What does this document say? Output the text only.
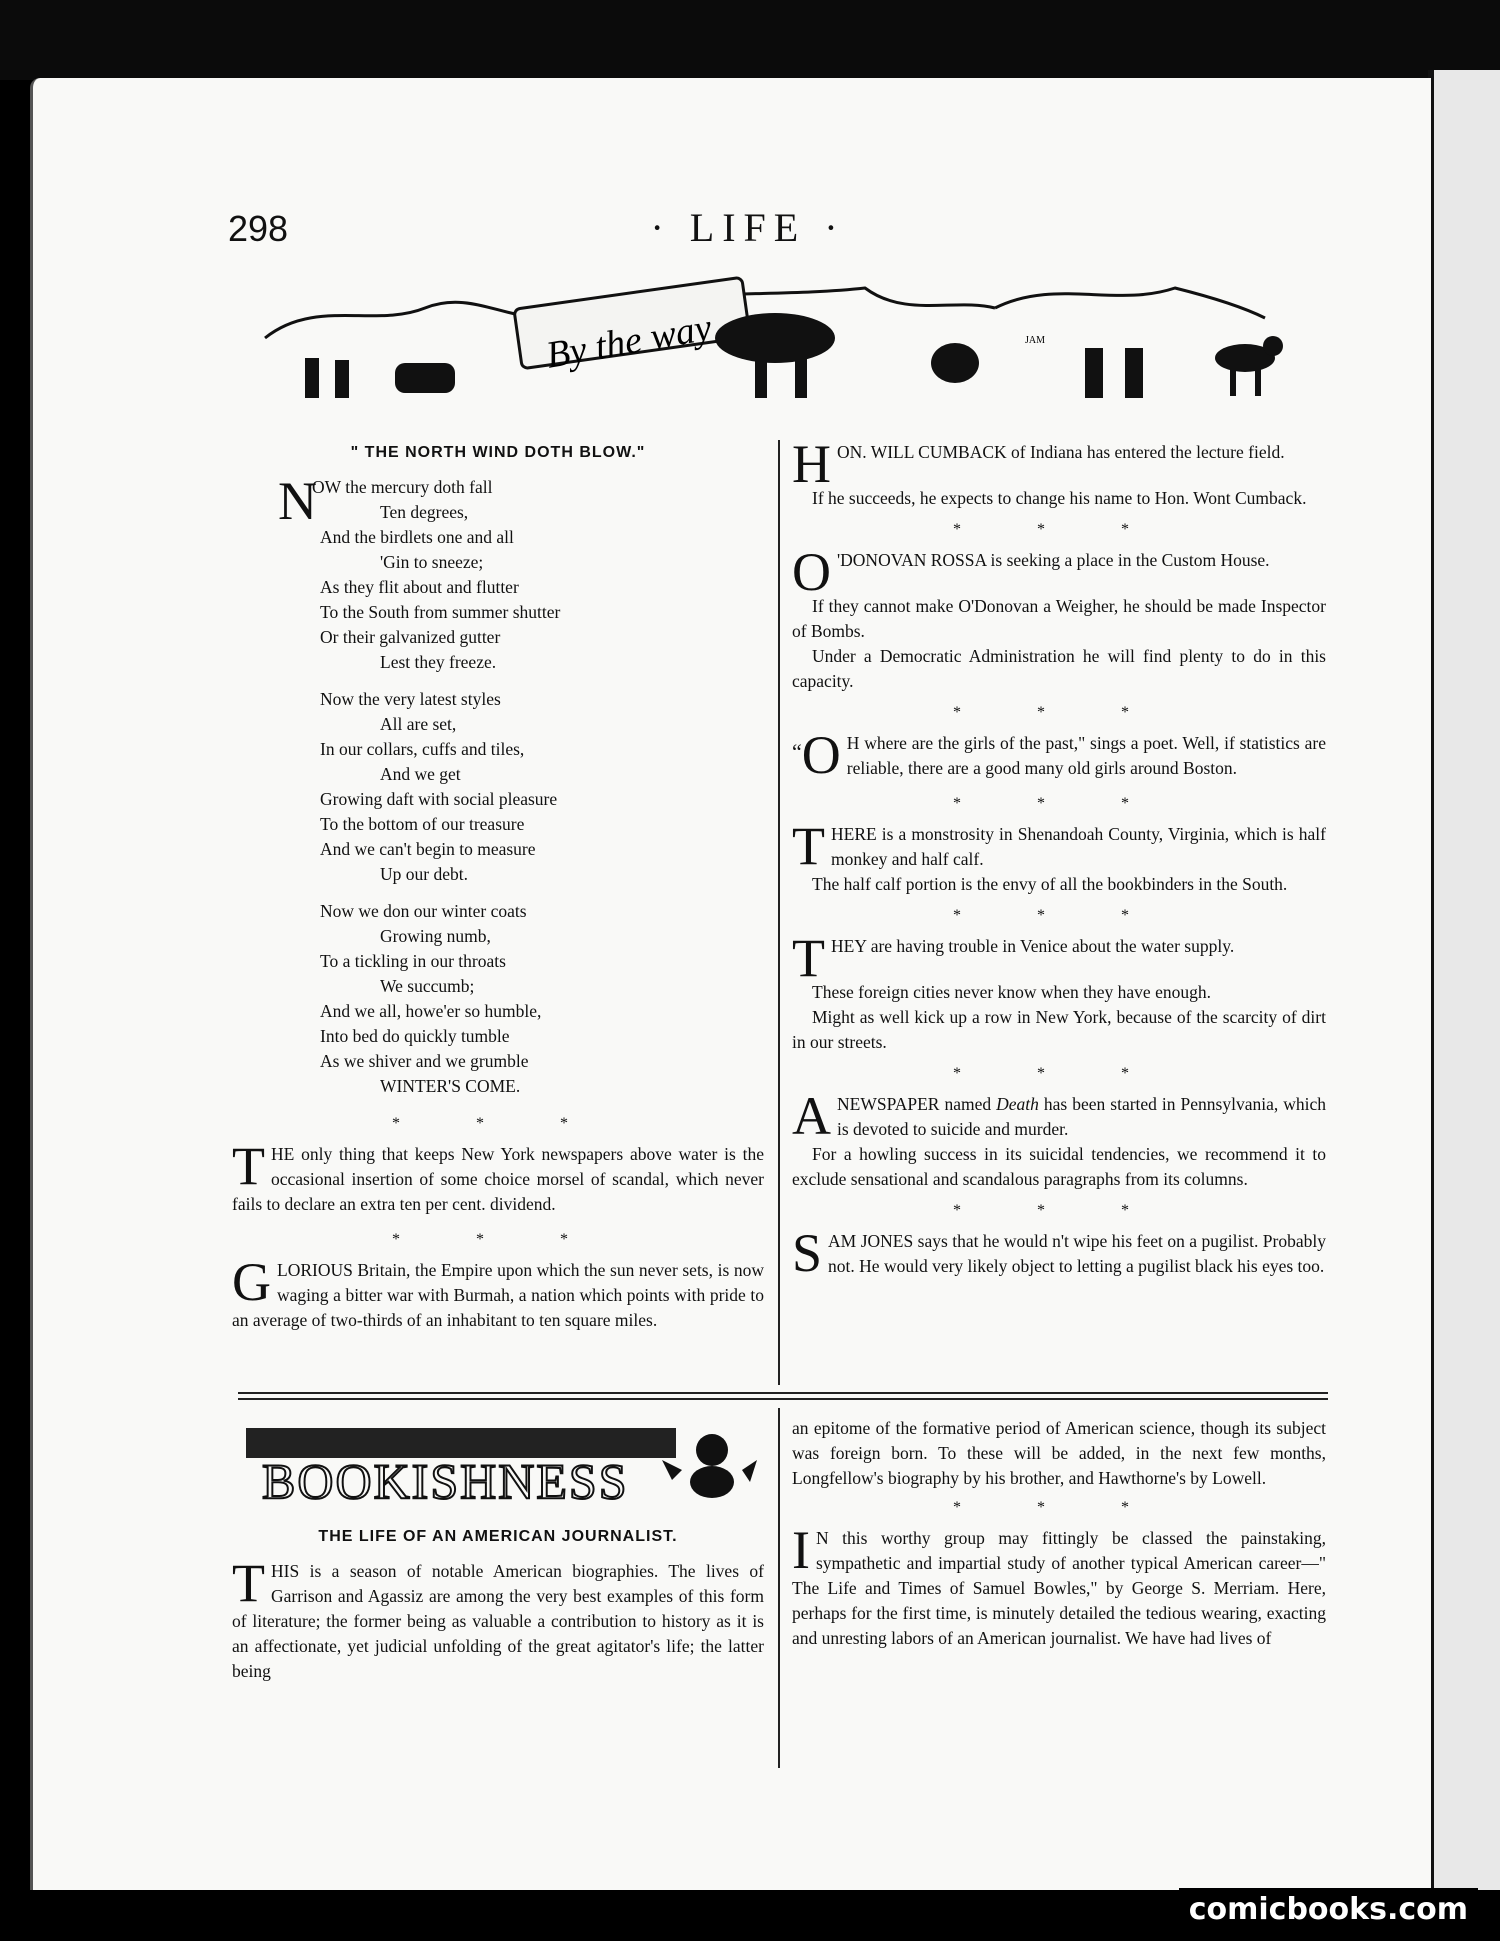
298	· LIFE ·
By the way	JAM
" THE NORTH WIND DOTH BLOW."
N
OW the mercury doth fall
Ten degrees,
And the birdlets one and all
'Gin to sneeze;
As they flit about and flutter
To the South from summer shutter
Or their galvanized gutter
Lest they freeze.
Now the very latest styles
All are set,
In our collars, cuffs and tiles,
And we get
Growing daft with social pleasure
To the bottom of our treasure
And we can't begin to measure
Up our debt.
Now we don our winter coats
Growing numb,
To a tickling in our throats
We succumb;
And we all, howe'er so humble,
Into bed do quickly tumble
As we shiver and we grumble
WINTER'S COME.
* * *

THE only thing that keeps New York newspapers above water is the occasional insertion of some choice morsel of scandal, which never fails to declare an extra ten per cent. dividend.

* * *

GLORIOUS Britain, the Empire upon which the sun never sets, is now waging a bitter war with Burmah, a nation which points with pride to an average of two-thirds of an inhabitant to ten square miles.

HON. WILL CUMBACK of Indiana has entered the lecture field.

If he succeeds, he expects to change his name to Hon. Wont Cumback.

* * *

O 'DONOVAN ROSSA is seeking a place in the Custom House.

If they cannot make O'Donovan a Weigher, he should be made Inspector of Bombs.

Under a Democratic Administration he will find plenty to do in this capacity.

* * *

“ O H where are the girls of the past," sings a poet. Well, if statistics are reliable, there are a good many old girls around Boston.

* * *

THERE is a monstrosity in Shenandoah County, Virginia, which is half monkey and half calf.

The half calf portion is the envy of all the bookbinders in the South.

* * *

THEY are having trouble in Venice about the water supply.

These foreign cities never know when they have enough.

Might as well kick up a row in New York, because of the scarcity of dirt in our streets.

* * *

ANEWSPAPER named Death has been started in Pennsylvania, which is devoted to suicide and murder.

For a howling success in its suicidal tendencies, we recommend it to exclude sensational and scandalous paragraphs from its columns.

* * *

SAM JONES says that he would n't wipe his feet on a pugilist. Probably not. He would very likely object to letting a pugilist black his eyes too.

BOOKISHNESS
THE LIFE OF AN AMERICAN JOURNALIST.

THIS is a season of notable American biographies. The lives of Garrison and Agassiz are among the very best examples of this form of literature; the former being as valuable a contribution to history as it is an affectionate, yet judicial unfolding of the great agitator's life; the latter being

an epitome of the formative period of American science, though its subject was foreign born. To these will be added, in the next few months, Longfellow's biography by his brother, and Hawthorne's by Lowell.

* * *

I N this worthy group may fittingly be classed the painstaking, sympathetic and impartial study of another typical American career—" The Life and Times of Samuel Bowles," by George S. Merriam. Here, perhaps for the first time, is minutely detailed the tedious wearing, exacting and unresting labors of an American journalist. We have had lives of

comicbooks.com
